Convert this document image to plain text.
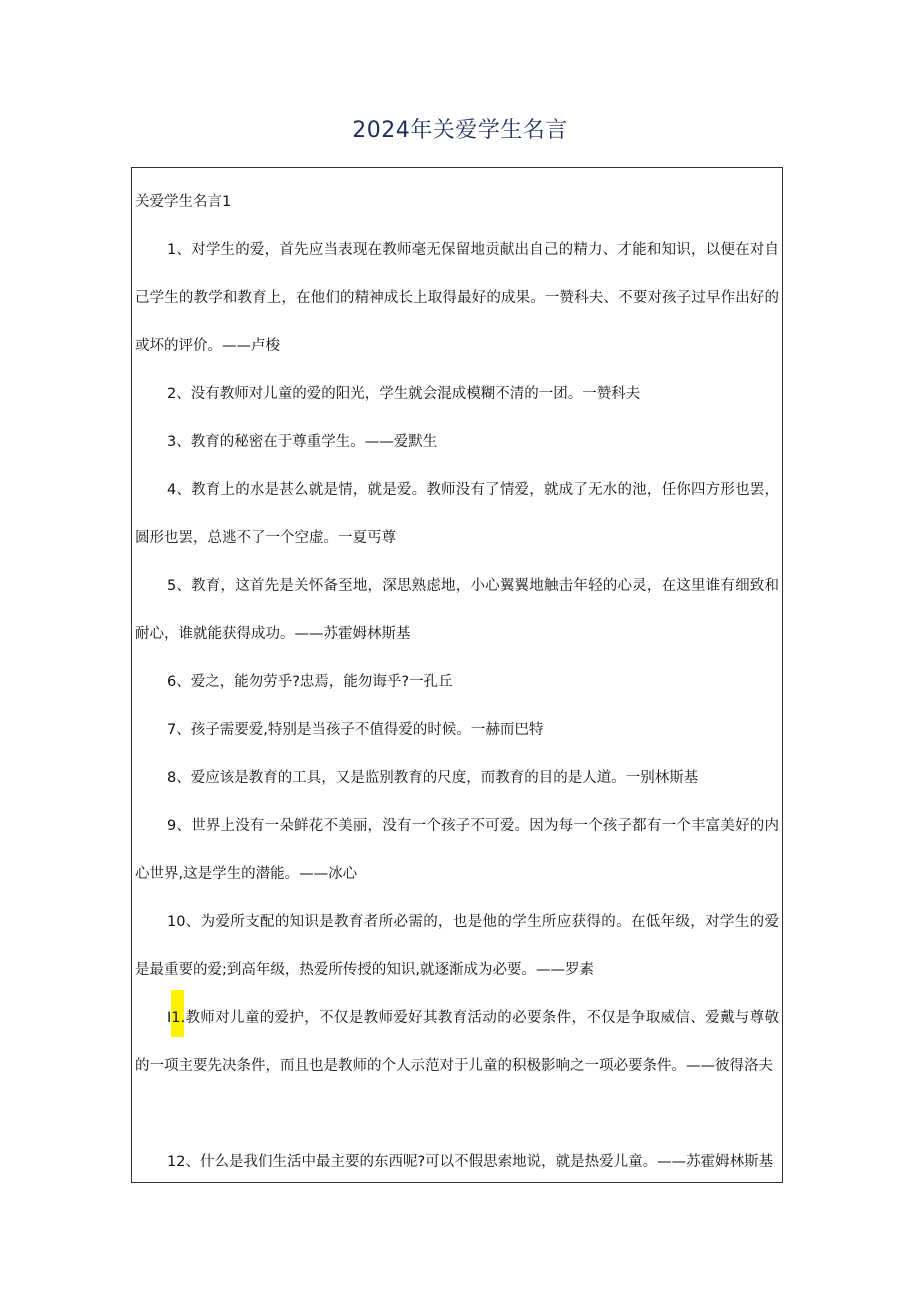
2024年关爱学生名言

关爱学生名言1

1、对学生的爱，首先应当表现在教师毫无保留地贡献出自己的精力、才能和知识，以便在对自己学生的教学和教育上，在他们的精神成长上取得最好的成果。一赞科夫、不要对孩子过早作出好的或坏的评价。——卢梭

2、没有教师对儿童的爱的阳光，学生就会混成模糊不清的一团。一赞科夫

3、教育的秘密在于尊重学生。——爱默生

4、教育上的水是甚么就是情，就是爱。教师没有了情爱，就成了无水的池，任你四方形也罢，圆形也罢，总逃不了一个空虚。一夏丐尊

5、教育，这首先是关怀备至地，深思熟虑地，小心翼翼地触击年轻的心灵，在这里谁有细致和耐心，谁就能获得成功。——苏霍姆林斯基

6、爱之，能勿劳乎?忠焉，能勿诲乎?一孔丘

7、孩子需要爱,特别是当孩子不值得爱的时候。一赫而巴特

8、爱应该是教育的工具，又是监别教育的尺度，而教育的目的是人道。一别林斯基

9、世界上没有一朵鲜花不美丽，没有一个孩子不可爱。因为每一个孩子都有一个丰富美好的内心世界,这是学生的潜能。——冰心

10、为爱所支配的知识是教育者所必需的，也是他的学生所应获得的。在低年级，对学生的爱是最重要的爱;到高年级，热爱所传授的知识,就逐渐成为必要。——罗素

I1.教师对儿童的爱护，不仅是教师爱好其教育活动的必要条件，不仅是争取威信、爱戴与尊敬的一项主要先决条件，而且也是教师的个人示范对于儿童的积极影响之一项必要条件。——彼得洛夫

12、什么是我们生活中最主要的东西呢?可以不假思索地说，就是热爱儿童。——苏霍姆林斯基
